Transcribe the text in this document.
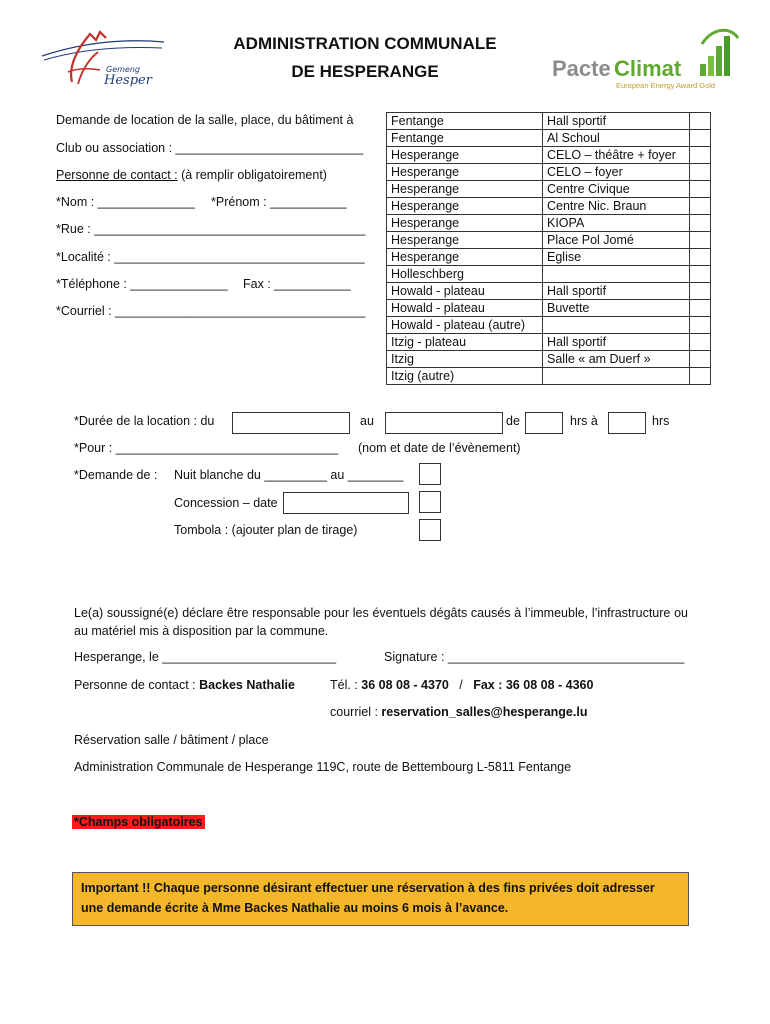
Gemeng
Hesper
ADMINISTRATION COMMUNALE
DE HESPERANGE	Pacte Climat
European Energy Award Gold
Demande de location de la salle, place, du bâtiment à
Club ou association : ___________________________
Personne de contact : (à remplir obligatoirement)
*Nom : ______________ *Prénom : ___________
*Rue : _______________________________________
*Localité : ____________________________________
*Téléphone : ______________ Fax : ___________
*Courriel : ____________________________________
Fentange	Hall sportif	
Fentange	Al Schoul	
Hesperange	CELO – théâtre + foyer	
Hesperange	CELO – foyer	
Hesperange	Centre Civique	
Hesperange	Centre Nic. Braun	
Hesperange	KIOPA	
Hesperange	Place Pol Jomé	
Hesperange	Eglise	
Holleschberg		
Howald - plateau	Hall sportif	
Howald - plateau	Buvette	
Howald - plateau (autre)		
Itzig - plateau	Hall sportif	
Itzig	Salle « am Duerf »	
Itzig (autre)		
*Durée de la location : du	au	de	hrs à	hrs
*Pour : ________________________________ (nom et date de l’évènement)
*Demande de : Nuit blanche du _________ au ________
Concession – date
Tombola : (ajouter plan de tirage)
Le(a) soussigné(e) déclare être responsable pour les éventuels dégâts causés à l’immeuble, l’infrastructure ou au matériel mis à disposition par la commune.
Hesperange, le _________________________	Signature : __________________________________
Personne de contact : Backes Nathalie	Tél. : 36 08 08 - 4370 / Fax : 36 08 08 - 4360
courriel : reservation_salles@hesperange.lu
Réservation salle / bâtiment / place
Administration Communale de Hesperange 119C, route de Bettembourg L-5811 Fentange
*Champs obligatoires
Important !! Chaque personne désirant effectuer une réservation à des fins privées doit adresser une demande écrite à Mme Backes Nathalie au moins 6 mois à l’avance.
